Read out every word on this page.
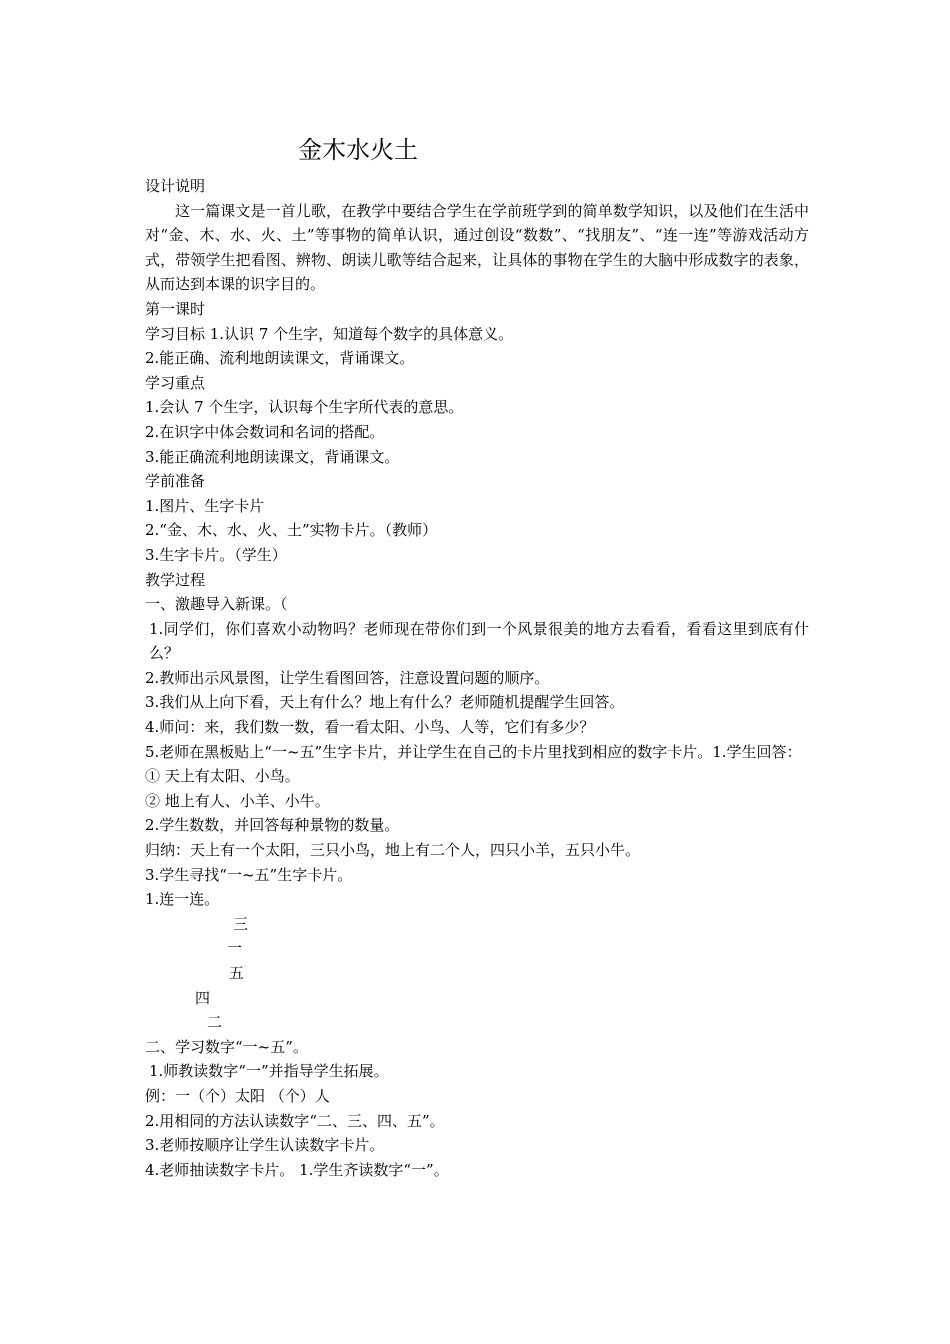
金木水火土
设计说明
这一篇课文是一首儿歌，在教学中要结合学生在学前班学到的简单数学知识，以及他们在生活中对“金、木、水、火、土”等事物的简单认识，通过创设“数数”、“找朋友”、“连一连”等游戏活动方式，带领学生把看图、辨物、朗读儿歌等结合起来，让具体的事物在学生的大脑中形成数字的表象，从而达到本课的识字目的。
第一课时
学习目标 1.认识 7 个生字，知道每个数字的具体意义。
2.能正确、流利地朗读课文，背诵课文。
学习重点
1.会认 7 个生字，认识每个生字所代表的意思。
2.在识字中体会数词和名词的搭配。
3.能正确流利地朗读课文，背诵课文。
学前准备
1.图片、生字卡片
2.“金、木、水、火、土”实物卡片。（教师）
3.生字卡片。（学生）
教学过程
一、激趣导入新课。（
1.同学们，你们喜欢小动物吗？老师现在带你们到一个风景很美的地方去看看，看看这里到底有什么？
2.教师出示风景图，让学生看图回答，注意设置问题的顺序。
3.我们从上向下看，天上有什么？地上有什么？老师随机提醒学生回答。
4.师问：来，我们数一数，看一看太阳、小鸟、人等，它们有多少？
5.老师在黑板贴上“一~五”生字卡片，并让学生在自己的卡片里找到相应的数字卡片。1.学生回答：
① 天上有太阳、小鸟。
② 地上有人、小羊、小牛。
2.学生数数，并回答每种景物的数量。
归纳：天上有一个太阳，三只小鸟，地上有二个人，四只小羊，五只小牛。
3.学生寻找“一~五”生字卡片。
1.连一连。
三
一
五
四
二
二、学习数字“一~五”。
1.师教读数字“一”并指导学生拓展。
例：一（个）太阳 （个）人
2.用相同的方法认读数字“二、三、四、五”。
3.老师按顺序让学生认读数字卡片。
4.老师抽读数字卡片。 1.学生齐读数字“一”。
